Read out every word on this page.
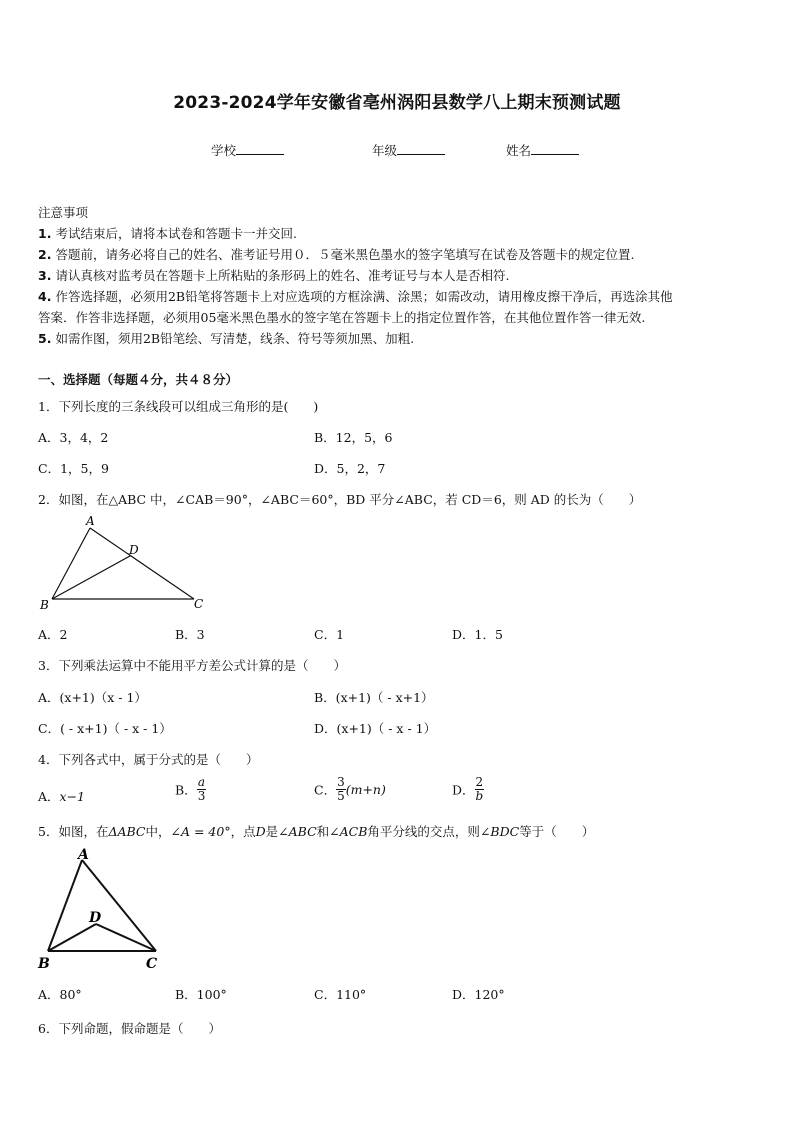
2023-2024学年安徽省亳州涡阳县数学八上期末预测试题
学校	年级	姓名
注意事项
1. 考试结束后，请将本试卷和答题卡一并交回.
2. 答题前，请务必将自己的姓名、准考证号用０．５毫米黑色墨水的签字笔填写在试卷及答题卡的规定位置.
3. 请认真核对监考员在答题卡上所粘贴的条形码上的姓名、准考证号与本人是否相符.
4. 作答选择题，必须用2B铅笔将答题卡上对应选项的方框涂满、涂黑；如需改动，请用橡皮擦干净后，再选涂其他
答案．作答非选择题，必须用05毫米黑色墨水的签字笔在答题卡上的指定位置作答，在其他位置作答一律无效.
5. 如需作图，须用2B铅笔绘、写清楚，线条、符号等须加黑、加粗.
一、选择题（每题４分，共４８分）
1．下列长度的三条线段可以组成三角形的是(　　)
A．3，4，2	B．12，5，6
C．1，5，9	D．5，2，7
2．如图，在△ABC 中，∠CAB＝90°，∠ABC＝60°，BD 平分∠ABC，若 CD＝6，则 AD 的长为（　　）
A
D
B	C
A．2	B．3	C．1	D．1．5
3．下列乘法运算中不能用平方差公式计算的是（　　）
A．(x+1)（x - 1）	B．(x+1)（ - x+1）
C．( - x+1)（ - x - 1）	D．(x+1)（ - x - 1）
4．下列各式中，属于分式的是（　　）
A．x−1	B． $\frac{a}{3}$	C． $\frac{3}{5} (m+n)$	D． $\frac{2}{b}$
5．如图，在ΔABC中，∠A = 40°，点D是∠ABC和∠ACB角平分线的交点，则∠BDC等于（　　）
A
D
B	C
A．80°	B．100°	C．110°	D．120°
6．下列命题，假命题是（　　）
